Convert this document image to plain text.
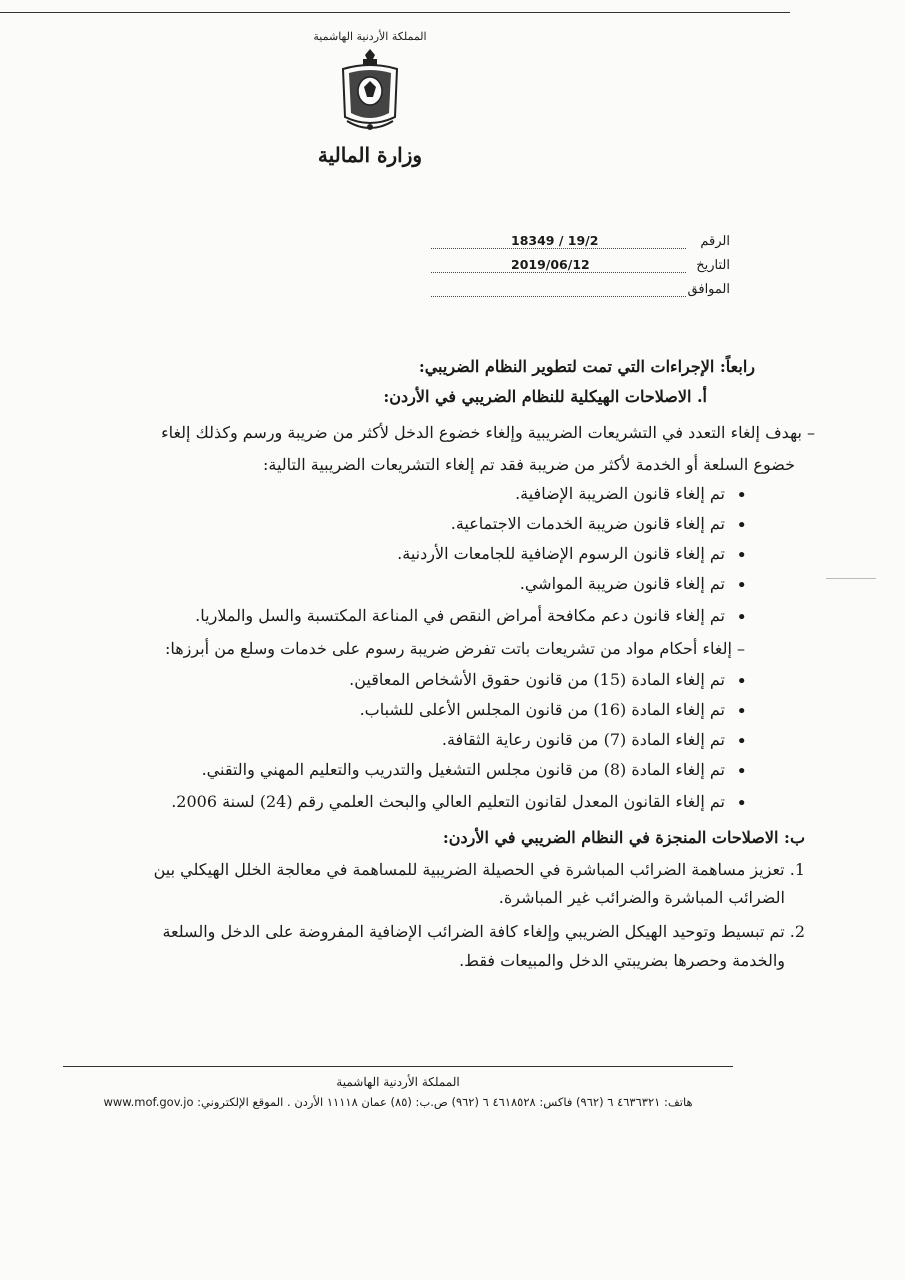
المملكة الأردنية الهاشمية
وزارة المالية
الرقم
18349 / 19/2
التاريخ
2019/06/12
الموافق
رابعاً: الإجراءات التي تمت لتطوير النظام الضريبي:
أ. الاصلاحات الهيكلية للنظام الضريبي في الأردن:
– بهدف إلغاء التعدد في التشريعات الضريبية وإلغاء خضوع الدخل لأكثر من ضريبة ورسم وكذلك إلغاء
خضوع السلعة أو الخدمة لأكثر من ضريبة فقد تم إلغاء التشريعات الضريبية التالية:
• تم إلغاء قانون الضريبة الإضافية.
• تم إلغاء قانون ضريبة الخدمات الاجتماعية.
• تم إلغاء قانون الرسوم الإضافية للجامعات الأردنية.
• تم إلغاء قانون ضريبة المواشي.
• تم إلغاء قانون دعم مكافحة أمراض النقص في المناعة المكتسبة والسل والملاريا.
– إلغاء أحكام مواد من تشريعات باتت تفرض ضريبة رسوم على خدمات وسلع من أبرزها:
• تم إلغاء المادة (15) من قانون حقوق الأشخاص المعاقين.
• تم إلغاء المادة (16) من قانون المجلس الأعلى للشباب.
• تم إلغاء المادة (7) من قانون رعاية الثقافة.
• تم إلغاء المادة (8) من قانون مجلس التشغيل والتدريب والتعليم المهني والتقني.
• تم إلغاء القانون المعدل لقانون التعليم العالي والبحث العلمي رقم (24) لسنة 2006.
ب: الاصلاحات المنجزة في النظام الضريبي في الأردن:
1. تعزيز مساهمة الضرائب المباشرة في الحصيلة الضريبية للمساهمة في معالجة الخلل الهيكلي بين
الضرائب المباشرة والضرائب غير المباشرة.
2. تم تبسيط وتوحيد الهيكل الضريبي وإلغاء كافة الضرائب الإضافية المفروضة على الدخل والسلعة
والخدمة وحصرها بضريبتي الدخل والمبيعات فقط.
المملكة الأردنية الهاشمية
هاتف: ٤٦٣٦٣٢١ ٦ (٩٦٢) فاكس: ٤٦١٨٥٢٨ ٦ (٩٦٢) ص.ب: (٨٥) عمان ١١١١٨ الأردن . الموقع الإلكتروني: www.mof.gov.jo
